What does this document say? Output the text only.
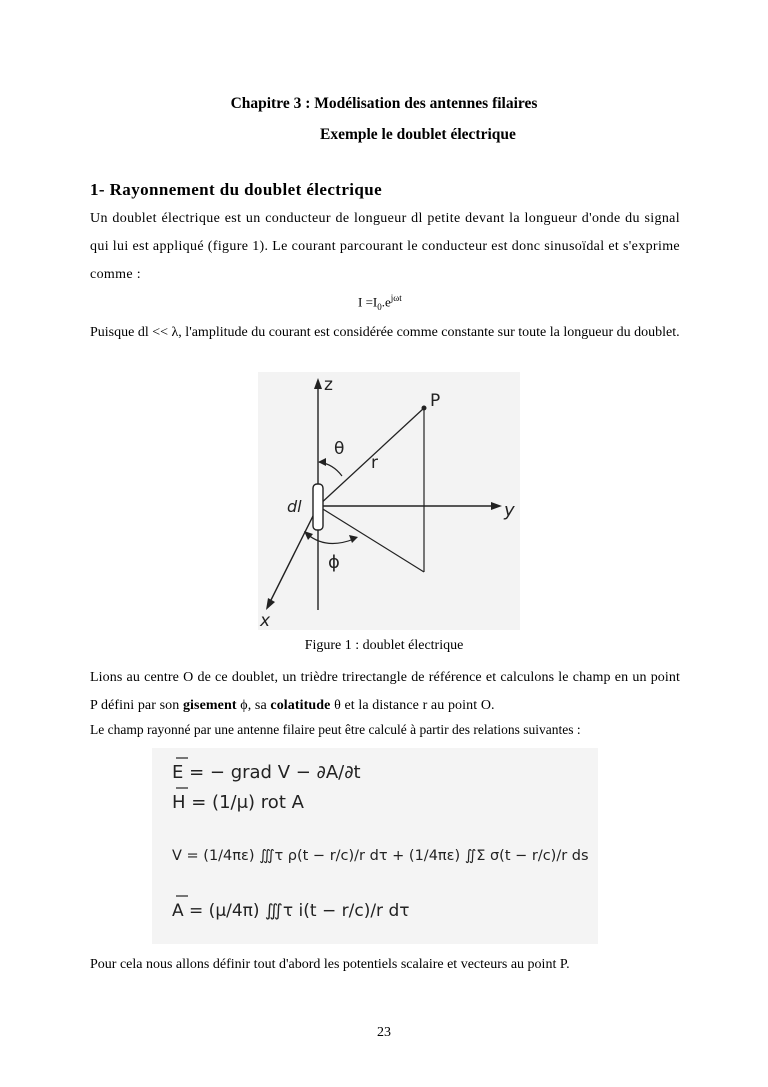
Chapitre 3 : Modélisation des antennes filaires
Exemple le doublet électrique
1- Rayonnement du doublet électrique
Un doublet électrique est un conducteur de longueur dl petite devant la longueur d'onde du signal qui lui est appliqué (figure 1). Le courant parcourant le conducteur est donc sinusoïdal et s'exprime comme :
$I =I_0.e^{j\omega t}$
Puisque dl << λ, l'amplitude du courant est considérée comme constante sur toute la longueur du doublet.
z
P
θ
r
dl	y
ϕ
x
Figure 1 : doublet électrique
Lions au centre O de ce doublet, un trièdre trirectangle de référence et calculons le champ en un point P défini par son gisement ϕ, sa colatitude θ et la distance r au point O.
Le champ rayonné par une antenne filaire peut être calculé à partir des relations suivantes :
E = − grad V − ∂A/∂t
H = (1/μ) rot A
V = (1/4πε) ∭τ ρ(t − r/c)/r dτ + (1/4πε) ∬Σ σ(t − r/c)/r ds
A = (μ/4π) ∭τ i(t − r/c)/r dτ
Pour cela nous allons définir tout d'abord les potentiels scalaire et vecteurs au point P.
23
